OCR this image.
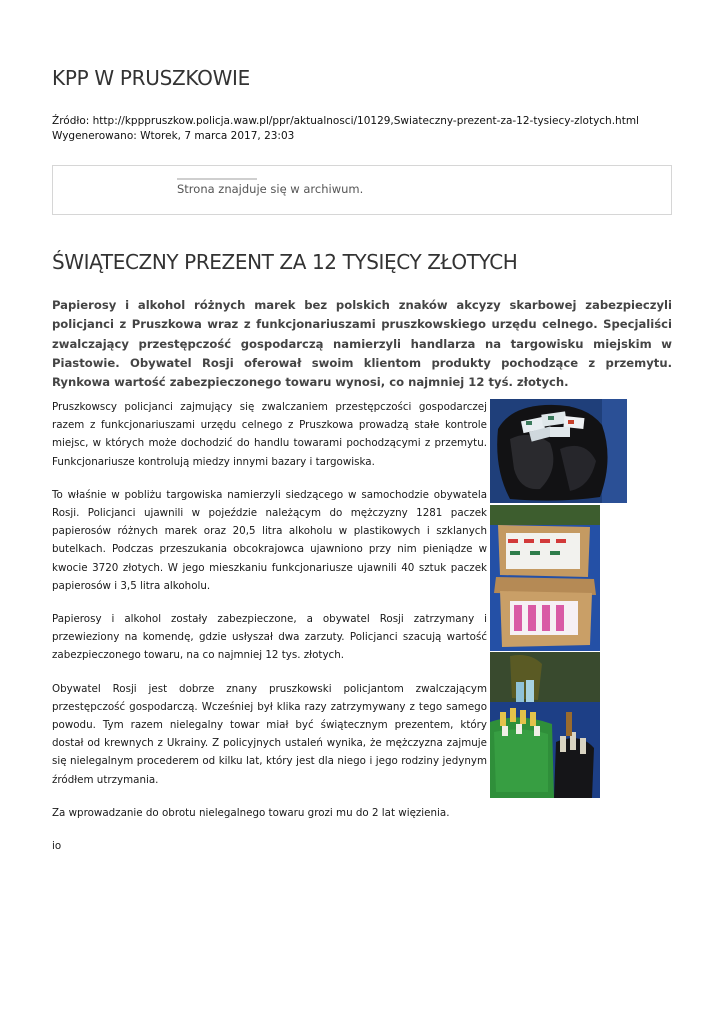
KPP W PRUSZKOWIE
Źródło: http://kpppruszkow.policja.waw.pl/ppr/aktualnosci/10129,Swiateczny-prezent-za-12-tysiecy-zlotych.html
Wygenerowano: Wtorek, 7 marca 2017, 23:03
Strona znajduje się w archiwum.
ŚWIĄTECZNY PREZENT ZA 12 TYSIĘCY ZŁOTYCH

Papierosy i alkohol różnych marek bez polskich znaków akcyzy skarbowej zabezpieczyli policjanci z Pruszkowa wraz z funkcjonariuszami pruszkowskiego urzędu celnego. Specjaliści zwalczający przestępczość gospodarczą namierzyli handlarza na targowisku miejskim w Piastowie. Obywatel Rosji oferował swoim klientom produkty pochodzące z przemytu. Rynkowa wartość zabezpieczonego towaru wynosi, co najmniej 12 tyś. złotych.

Pruszkowscy policjanci zajmujący się zwalczaniem przestępczości gospodarczej razem z funkcjonariuszami urzędu celnego z Pruszkowa prowadzą stałe kontrole miejsc, w których może dochodzić do handlu towarami pochodzącymi z przemytu. Funkcjonariusze kontrolują miedzy innymi bazary i targowiska.

To właśnie w pobliżu targowiska namierzyli siedzącego w samochodzie obywatela Rosji. Policjanci ujawnili w pojeździe należącym do mężczyzny 1281 paczek papierosów różnych marek oraz 20,5 litra alkoholu w plastikowych i szklanych butelkach. Podczas przeszukania obcokrajowca ujawniono przy nim pieniądze w kwocie 3720 złotych. W jego mieszkaniu funkcjonariusze ujawnili 40 sztuk paczek papierosów i 3,5 litra alkoholu.

Papierosy i alkohol zostały zabezpieczone, a obywatel Rosji zatrzymany i przewieziony na komendę, gdzie usłyszał dwa zarzuty. Policjanci szacują wartość zabezpieczonego towaru, na co najmniej 12 tys. złotych.

Obywatel Rosji jest dobrze znany pruszkowski policjantom zwalczającym przestępczość gospodarczą. Wcześniej był klika razy zatrzymywany z tego samego powodu. Tym razem nielegalny towar miał być świątecznym prezentem, który dostał od krewnych z Ukrainy. Z policyjnych ustaleń wynika, że mężczyzna zajmuje się nielegalnym procederem od kilku lat, który jest dla niego i jego rodziny jedynym źródłem utrzymania.

Za wprowadzanie do obrotu nielegalnego towaru grozi mu do 2 lat więzienia.

io
